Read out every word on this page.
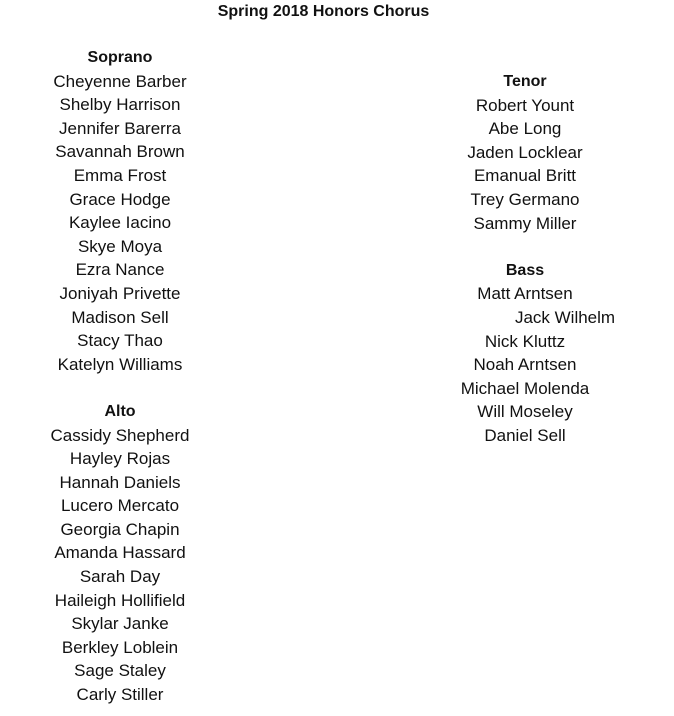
Spring 2018 Honors Chorus
Soprano
Cheyenne Barber
Shelby Harrison
Jennifer Barerra
Savannah Brown
Emma Frost
Grace Hodge
Kaylee Iacino
Skye Moya
Ezra Nance
Joniyah Privette
Madison Sell
Stacy Thao
Katelyn Williams
Alto
Cassidy Shepherd
Hayley Rojas
Hannah Daniels
Lucero Mercato
Georgia Chapin
Amanda Hassard
Sarah Day
Haileigh Hollifield
Skylar Janke
Berkley Loblein
Sage Staley
Carly Stiller
Tenor
Robert Yount
Abe Long
Jaden Locklear
Emanual Britt
Trey Germano
Sammy Miller
Bass
Matt Arntsen
Jack Wilhelm
Nick Kluttz
Noah Arntsen
Michael Molenda
Will Moseley
Daniel Sell
